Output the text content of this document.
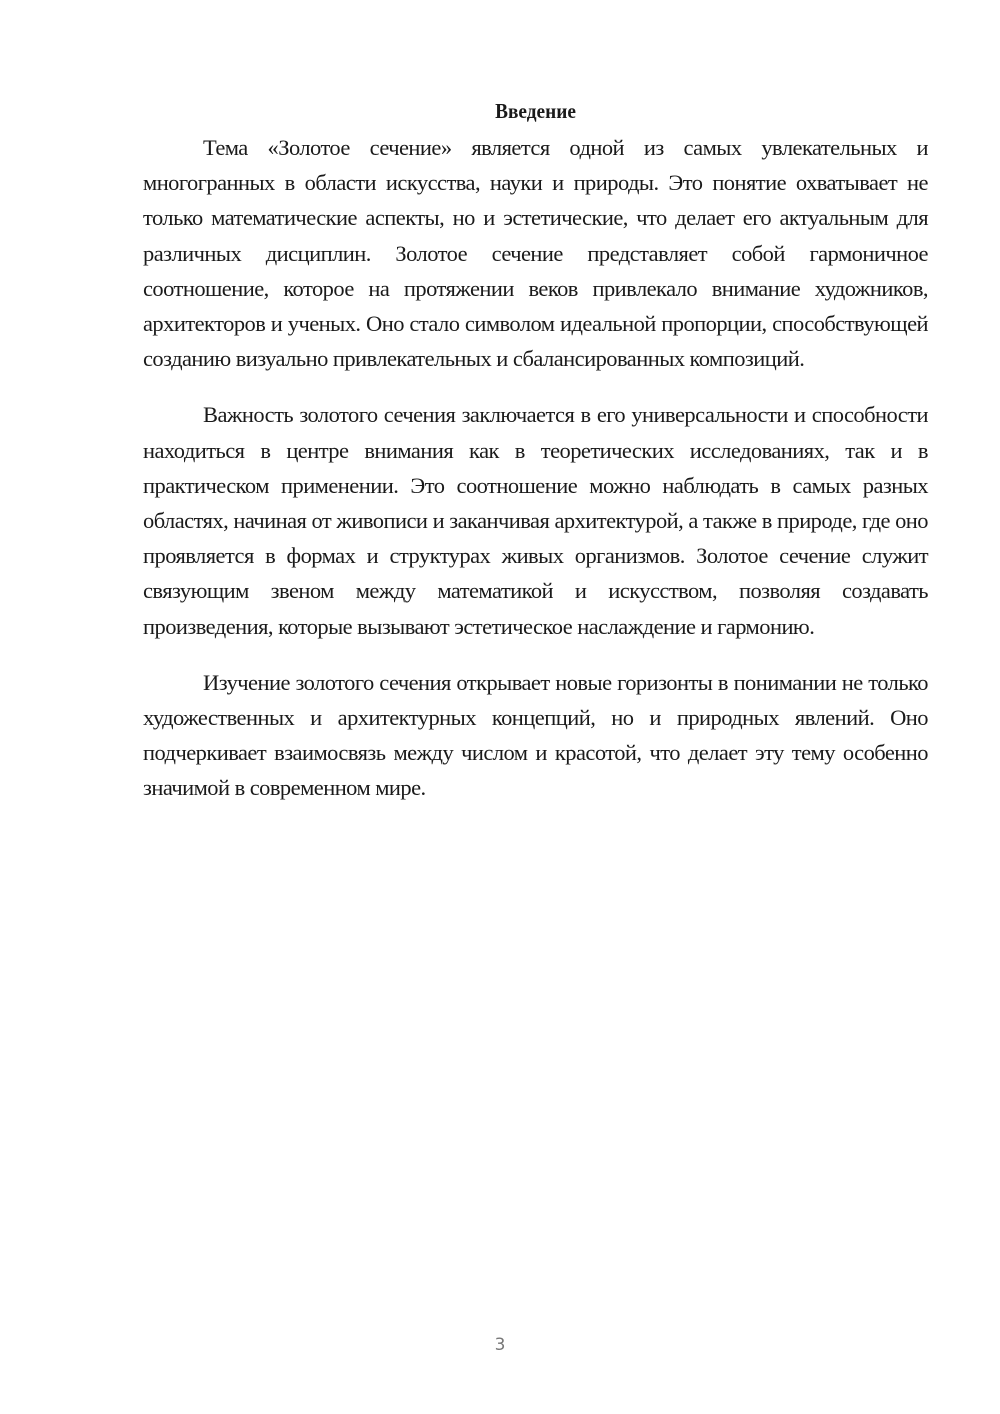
Введение

Тема «Золотое сечение» является одной из самых увлекательных и многогранных в области искусства, науки и природы. Это понятие охватывает не только математические аспекты, но и эстетические, что делает его актуальным для различных дисциплин. Золотое сечение представляет собой гармоничное соотношение, которое на протяжении веков привлекало внимание художников, архитекторов и ученых. Оно стало символом идеальной пропорции, способствующей созданию визуально привлекательных и сбалансированных композиций.

Важность золотого сечения заключается в его универсальности и способности находиться в центре внимания как в теоретических исследованиях, так и в практическом применении. Это соотношение можно наблюдать в самых разных областях, начиная от живописи и заканчивая архитектурой, а также в природе, где оно проявляется в формах и структурах живых организмов. Золотое сечение служит связующим звеном между математикой и искусством, позволяя создавать произведения, которые вызывают эстетическое наслаждение и гармонию.

Изучение золотого сечения открывает новые горизонты в понимании не только художественных и архитектурных концепций, но и природных явлений. Оно подчеркивает взаимосвязь между числом и красотой, что делает эту тему особенно значимой в современном мире.

3
